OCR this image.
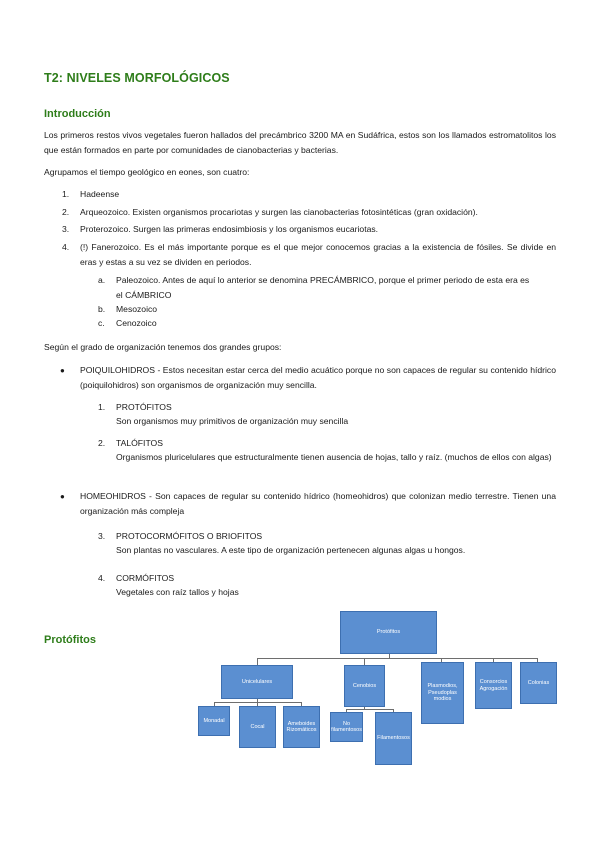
T2: NIVELES MORFOLÓGICOS
Introducción
Los primeros restos vivos vegetales fueron hallados del precámbrico 3200 MA en Sudáfrica, estos son los llamados estromatolitos los que están formados en parte por comunidades de cianobacterias y bacterias.
Agrupamos el tiempo geológico en eones, son cuatro:
1. Hadeense
2. Arqueozoico. Existen organismos procariotas y surgen las cianobacterias fotosintéticas (gran oxidación).
3. Proterozoico. Surgen las primeras endosimbiosis y los organismos eucariotas.
4. (!) Fanerozoico. Es el más importante porque es el que mejor conocemos gracias a la existencia de fósiles. Se divide en eras y estas a su vez se dividen en periodos.
a. Paleozoico. Antes de aquí lo anterior se denomina PRECÁMBRICO, porque el primer periodo de esta era es el CÁMBRICO
b. Mesozoico
c. Cenozoico
Según el grado de organización tenemos dos grandes grupos:
● POIQUILOHIDROS - Estos necesitan estar cerca del medio acuático porque no son capaces de regular su contenido hídrico (poiquilohidros) son organismos de organización muy sencilla.
1. PROTÓFITOS
Son organismos muy primitivos de organización muy sencilla
2. TALÓFITOS
Organismos pluricelulares que estructuralmente tienen ausencia de hojas, tallo y raíz. (muchos de ellos con algas)
● HOMEOHIDROS - Son capaces de regular su contenido hídrico (homeohidros) que colonizan medio terrestre. Tienen una organización más compleja
3. PROTOCORMÓFITOS O BRIOFITOS
Son plantas no vasculares. A este tipo de organización pertenecen algunas algas u hongos.
4. CORMÓFITOS
Vegetales con raíz tallos y hojas
Protófitos
Protófitos
Unicelulares
Monadal
Cocal
Ameboides Rizomáticos
Cenobios
No filamentosos
Filamentosos
Plasmodios, Pseudoplas modios
Consorcios Agrogación
Colonias
